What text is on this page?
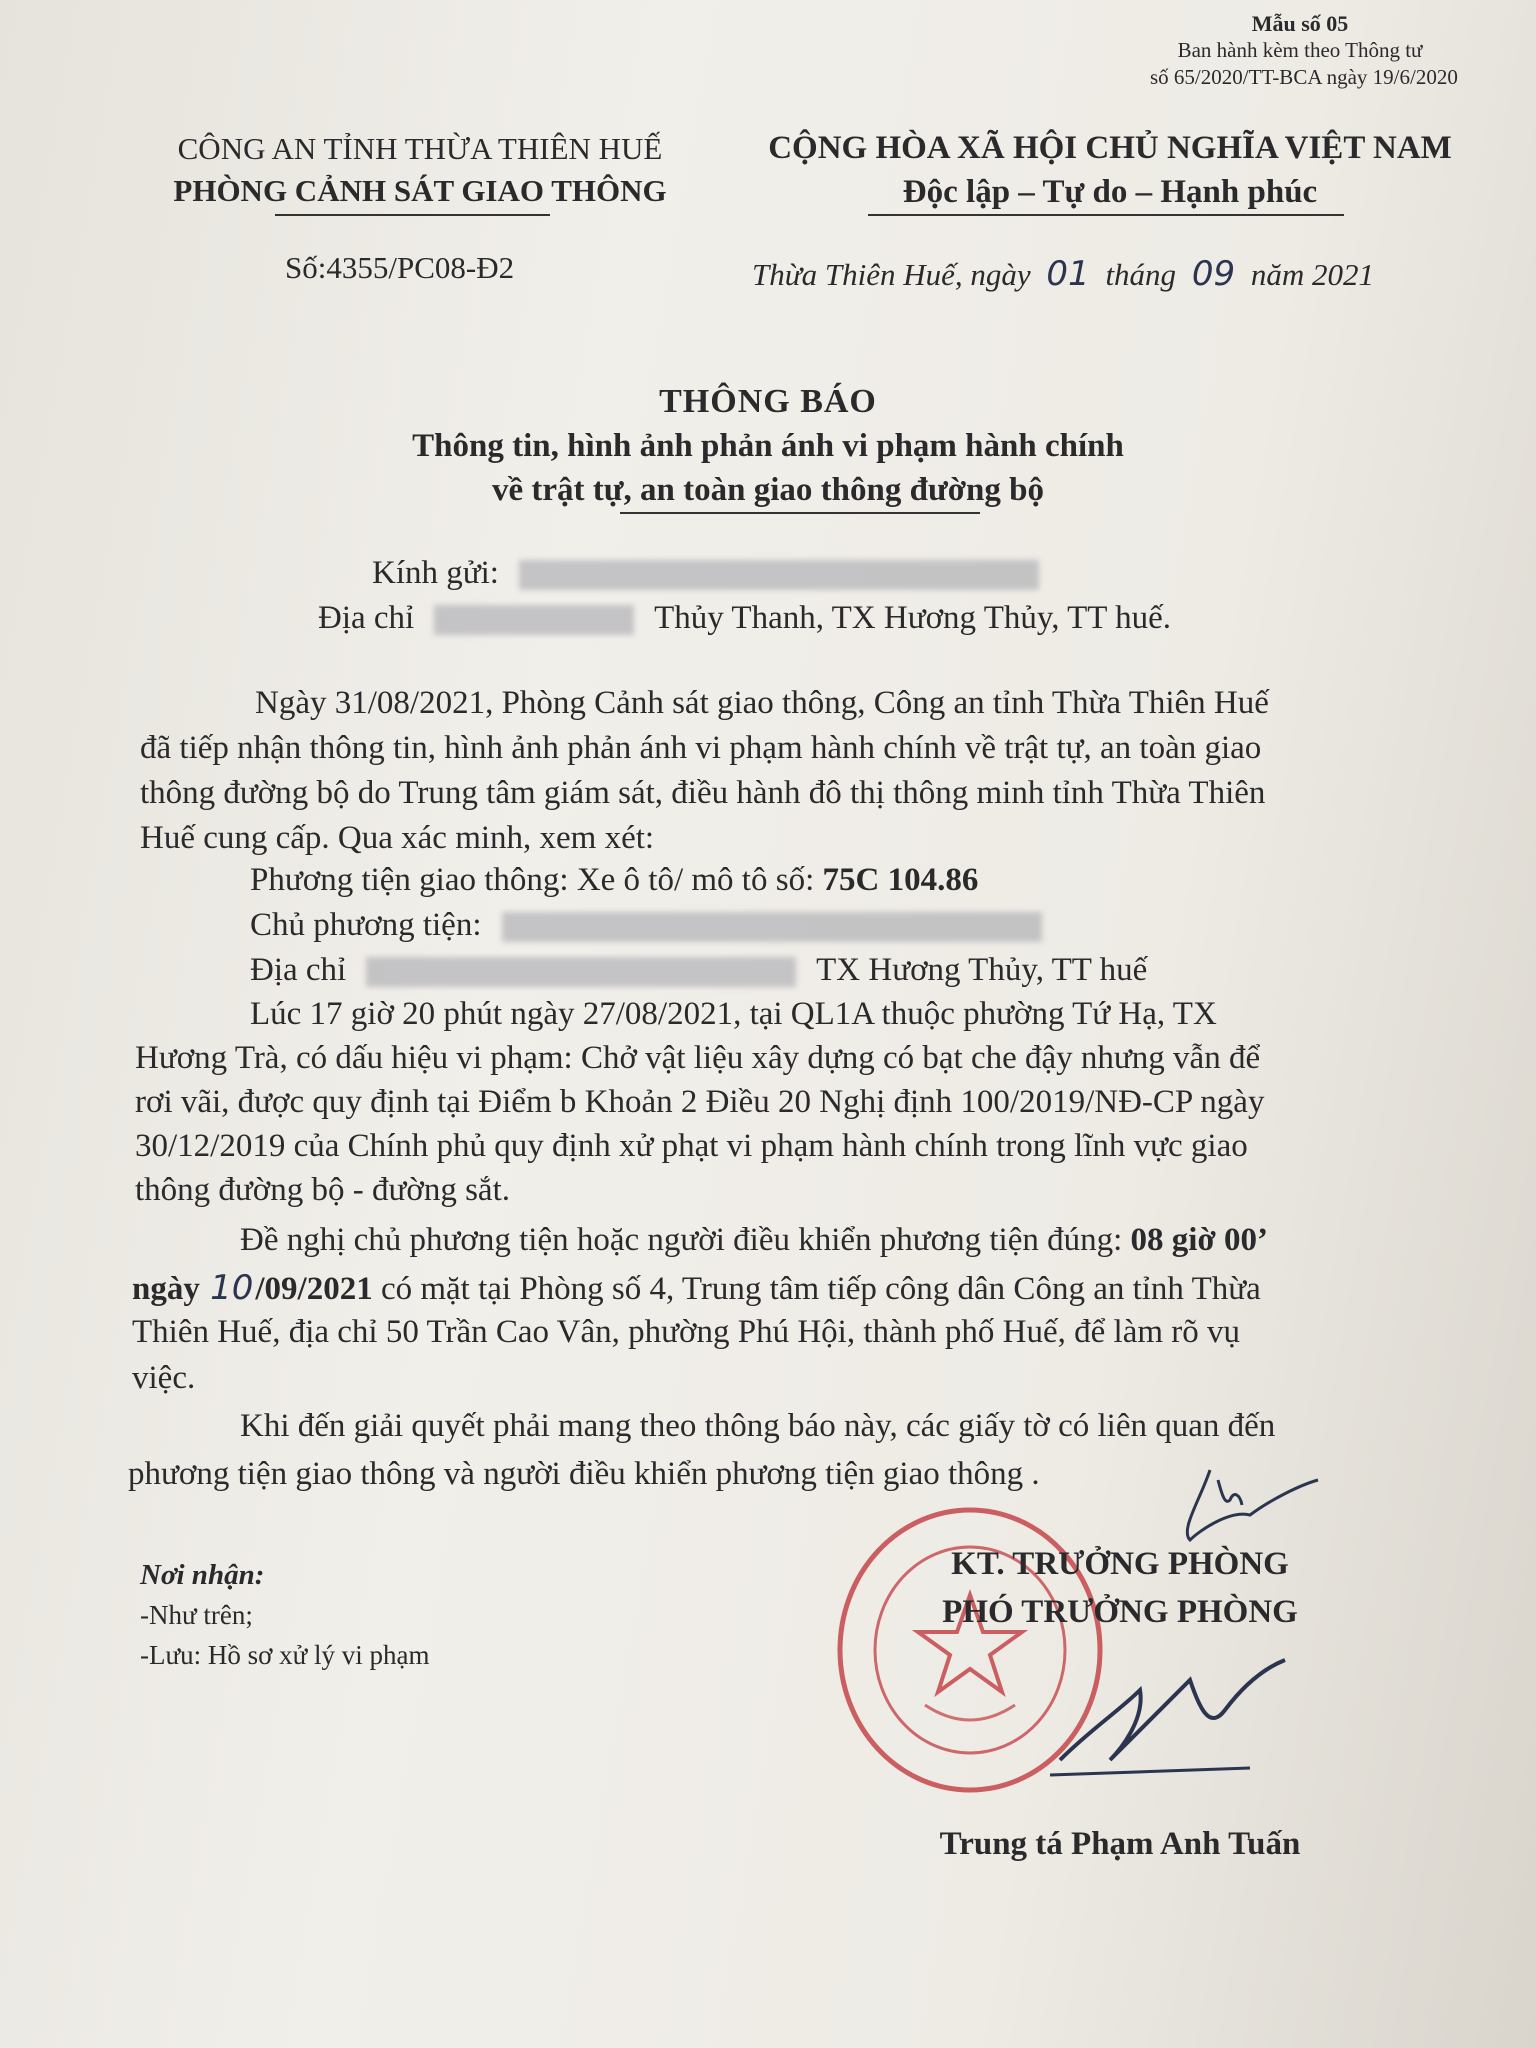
Mẫu số 05
Ban hành kèm theo Thông tư
số 65/2020/TT-BCA ngày 19/6/2020
CÔNG AN TỈNH THỪA THIÊN HUẾ
PHÒNG CẢNH SÁT GIAO THÔNG
CỘNG HÒA XÃ HỘI CHỦ NGHĨA VIỆT NAM
Độc lập – Tự do – Hạnh phúc
Số:4355/PC08-Đ2	Thừa Thiên Huế, ngày 01 tháng 09 năm 2021
THÔNG BÁO
Thông tin, hình ảnh phản ánh vi phạm hành chính
về trật tự, an toàn giao thông đường bộ
Kính gửi:
Địa chỉ	Thủy Thanh, TX Hương Thủy, TT huế.
Ngày 31/08/2021, Phòng Cảnh sát giao thông, Công an tỉnh Thừa Thiên Huế
đã tiếp nhận thông tin, hình ảnh phản ánh vi phạm hành chính về trật tự, an toàn giao
thông đường bộ do Trung tâm giám sát, điều hành đô thị thông minh tỉnh Thừa Thiên
Huế cung cấp. Qua xác minh, xem xét:
Phương tiện giao thông: Xe ô tô/ mô tô số: 75C 104.86
Chủ phương tiện:
Địa chỉ	TX Hương Thủy, TT huế
Lúc 17 giờ 20 phút ngày 27/08/2021, tại QL1A thuộc phường Tứ Hạ, TX
Hương Trà, có dấu hiệu vi phạm: Chở vật liệu xây dựng có bạt che đậy nhưng vẫn để
rơi vãi, được quy định tại Điểm b Khoản 2 Điều 20 Nghị định 100/2019/NĐ-CP ngày
30/12/2019 của Chính phủ quy định xử phạt vi phạm hành chính trong lĩnh vực giao
thông đường bộ - đường sắt.
Đề nghị chủ phương tiện hoặc người điều khiển phương tiện đúng: 08 giờ 00’
ngày 10/09/2021 có mặt tại Phòng số 4, Trung tâm tiếp công dân Công an tỉnh Thừa
Thiên Huế, địa chỉ 50 Trần Cao Vân, phường Phú Hội, thành phố Huế, để làm rõ vụ
việc.
Khi đến giải quyết phải mang theo thông báo này, các giấy tờ có liên quan đến
phương tiện giao thông và người điều khiển phương tiện giao thông .
Nơi nhận:
-Như trên;
-Lưu: Hồ sơ xử lý vi phạm
KT. TRƯỞNG PHÒNG
PHÓ TRƯỞNG PHÒNG
Trung tá Phạm Anh Tuấn
